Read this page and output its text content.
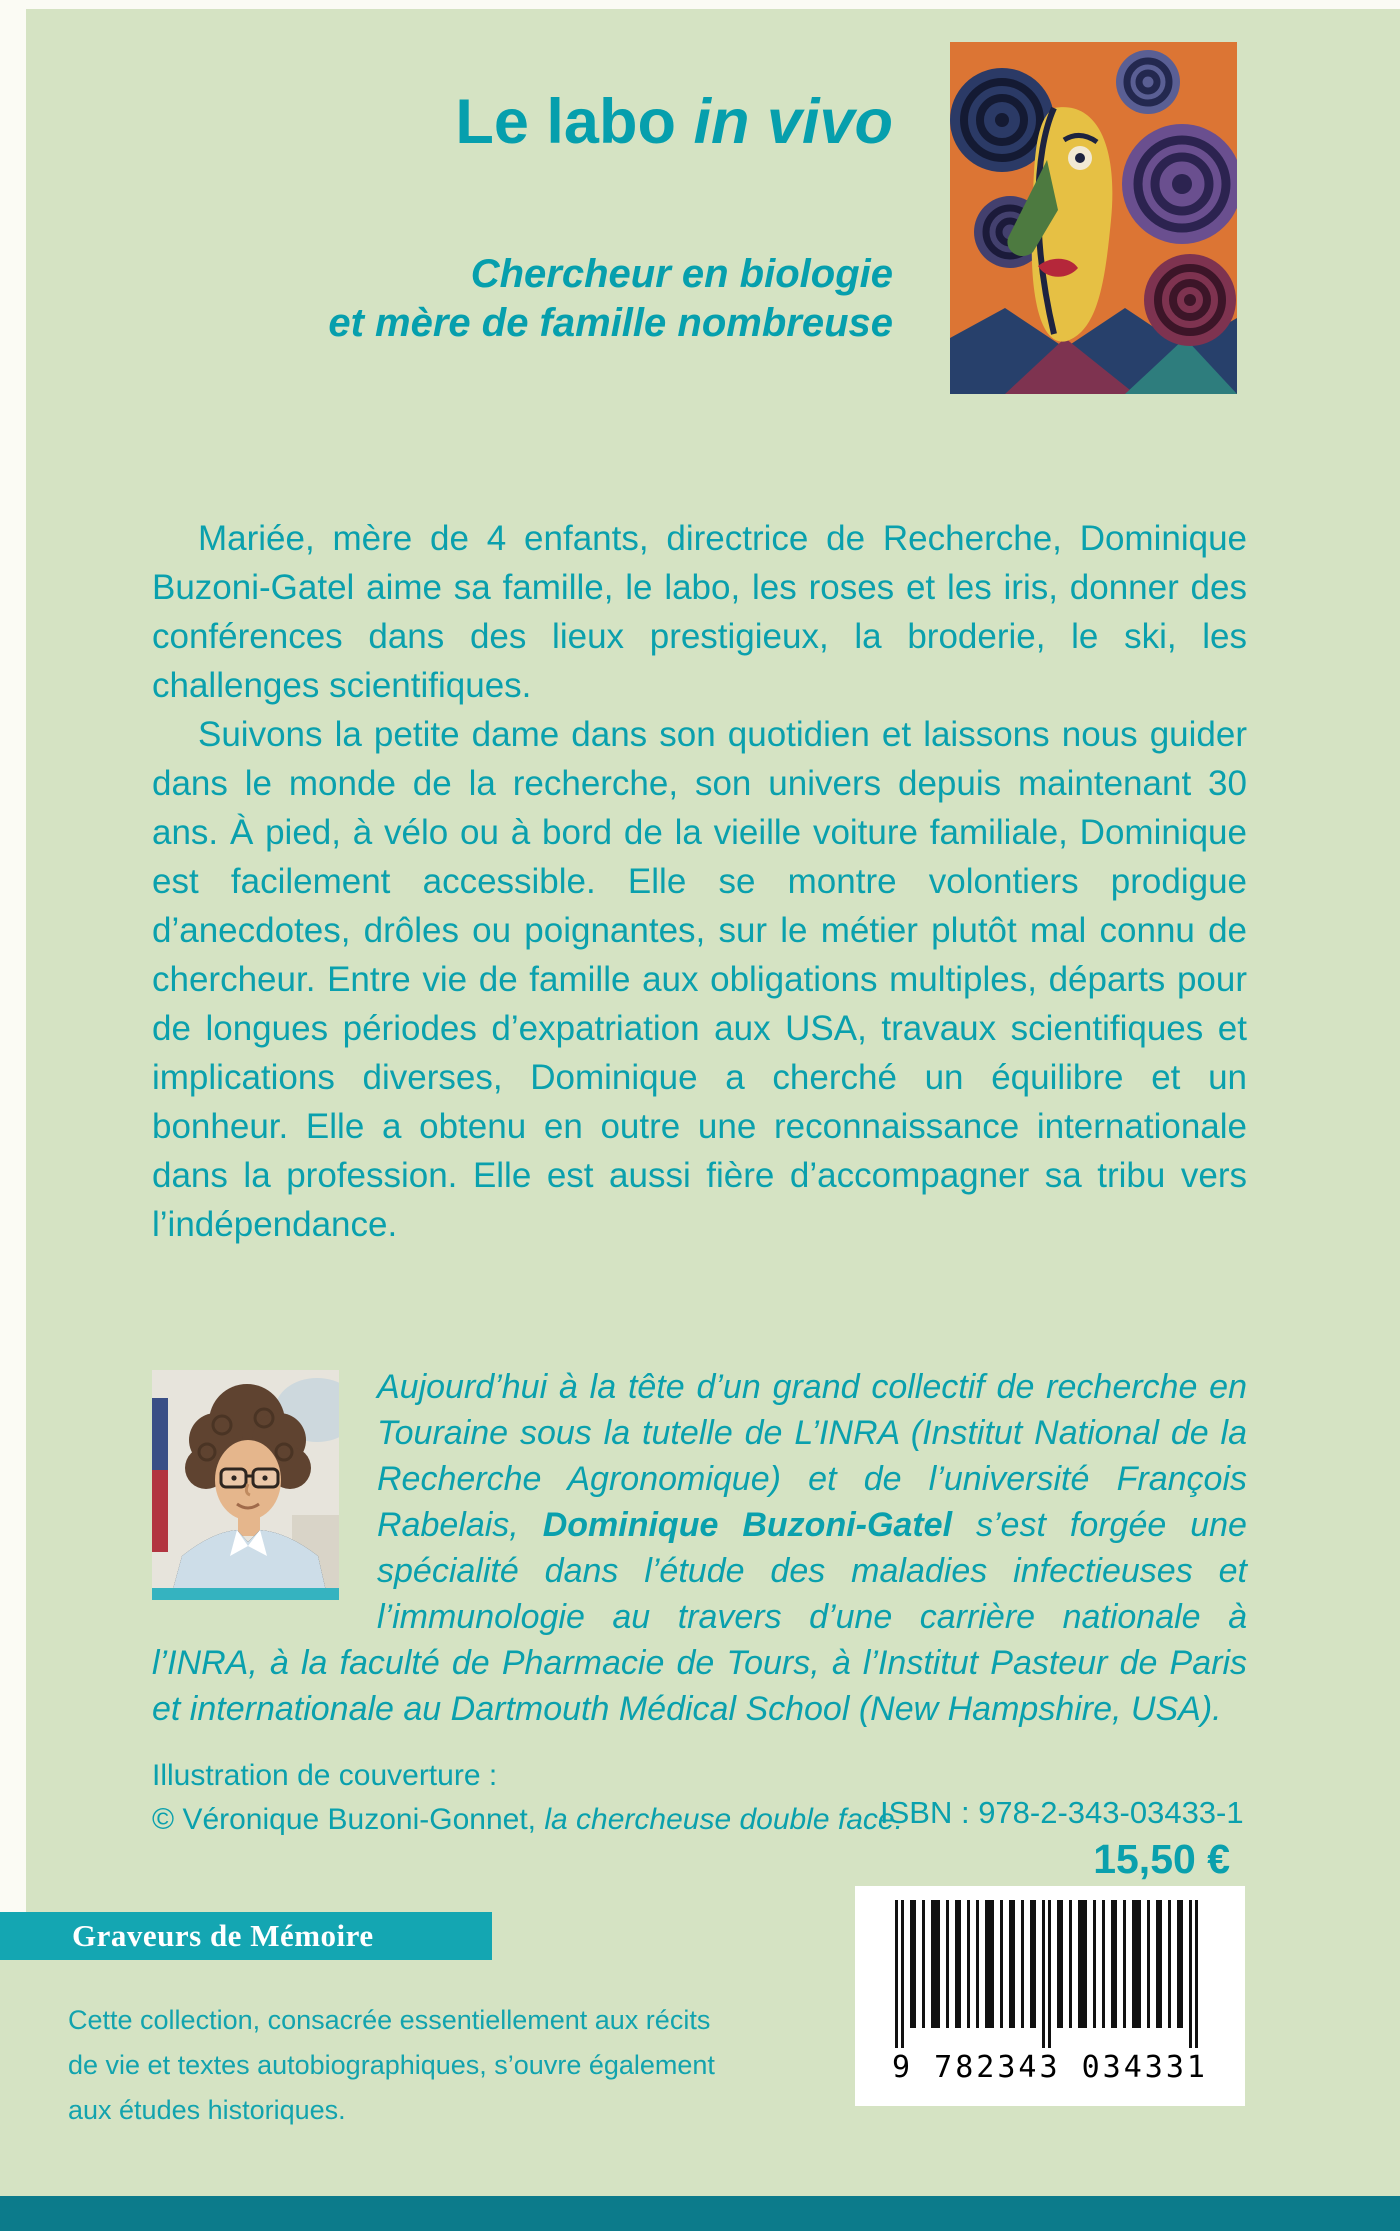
Le labo in vivo
Chercheur en biologie
et mère de famille nombreuse

Mariée, mère de 4 enfants, directrice de Recherche, Dominique Buzoni-Gatel aime sa famille, le labo, les roses et les iris, donner des conférences dans des lieux prestigieux, la broderie, le ski, les challenges scientifiques.

Suivons la petite dame dans son quotidien et laissons nous guider dans le monde de la recherche, son univers depuis maintenant 30 ans. À pied, à vélo ou à bord de la vieille voiture familiale, Dominique est facilement accessible. Elle se montre volontiers prodigue d’anecdotes, drôles ou poignantes, sur le métier plutôt mal connu de chercheur. Entre vie de famille aux obligations multiples, départs pour de longues périodes d’expatriation aux USA, travaux scientifiques et implications diverses, Dominique a cherché un équilibre et un bonheur. Elle a obtenu en outre une reconnaissance internationale dans la profession. Elle est aussi fière d’accompagner sa tribu vers l’indépendance.

Aujourd’hui à la tête d’un grand collectif de recherche en Touraine sous la tutelle de L’INRA (Institut National de la Recherche Agronomique) et de l’université François Rabelais, Dominique Buzoni-Gatel s’est forgée une spécialité dans l’étude des maladies infectieuses et l’immunologie au travers d’une carrière nationale à l’INRA, à la faculté de Pharmacie de Tours, à l’Institut Pasteur de Paris et internationale au Dartmouth Médical School (New Hampshire, USA).

Illustration de couverture :
© Véronique Buzoni-Gonnet, la chercheuse double face.
ISBN : 978-2-343-03433-1
15,50 €
Graveurs de Mémoire
Cette collection, consacrée essentiellement aux récits
de vie et textes autobiographiques, s’ouvre également
aux études historiques.
9 782343 034331
